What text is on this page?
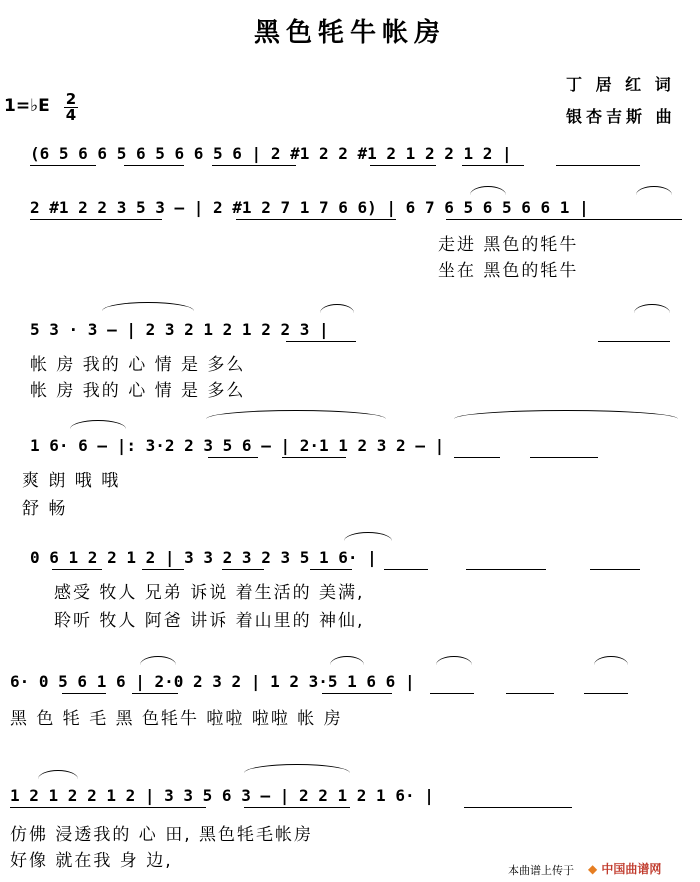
黑色牦牛帐房
丁 居 红 词
银杏吉斯 曲
1=♭E 2
4
(6 5 6 6 5 6 5 6 6 5 6 | 2 #1 2 2 #1 2 1 2 2 1 2 |
2 #1 2 2 3 5 3 — | 2 #1 2 7 1 7 6 6) | 6 7 6 5 6 5 6 6 1 |
走进 黑色的牦牛
坐在 黑色的牦牛
5 3 · 3 — | 2 3 2 1 2 1 2 2 3 |
帐 房 我的 心 情 是 多么
帐 房 我的 心 情 是 多么
1 6· 6 — |: 3·2 2 3 5 6 — | 2·1 1 2 3 2 — |
爽 朗 哦 哦
舒 畅
0 6 1 2 2 1 2 | 3 3 2 3 2 3 5 1 6· |
感受 牧人 兄弟 诉说 着生活的 美满,
聆听 牧人 阿爸 讲诉 着山里的 神仙,
6· 0 5 6 1 6 | 2·0 2 3 2 | 1 2 3·5 1 6 6 |
黑 色 牦 毛 黑 色牦牛 啦啦 啦啦 帐 房
1 2 1 2 2 1 2 | 3 3 5 6 3 — | 2 2 1 2 1 6· |
仿佛 浸透我的 心 田, 黑色牦毛帐房
好像 就在我 身 边,	本曲谱上传于 ◆ 中国曲谱网
